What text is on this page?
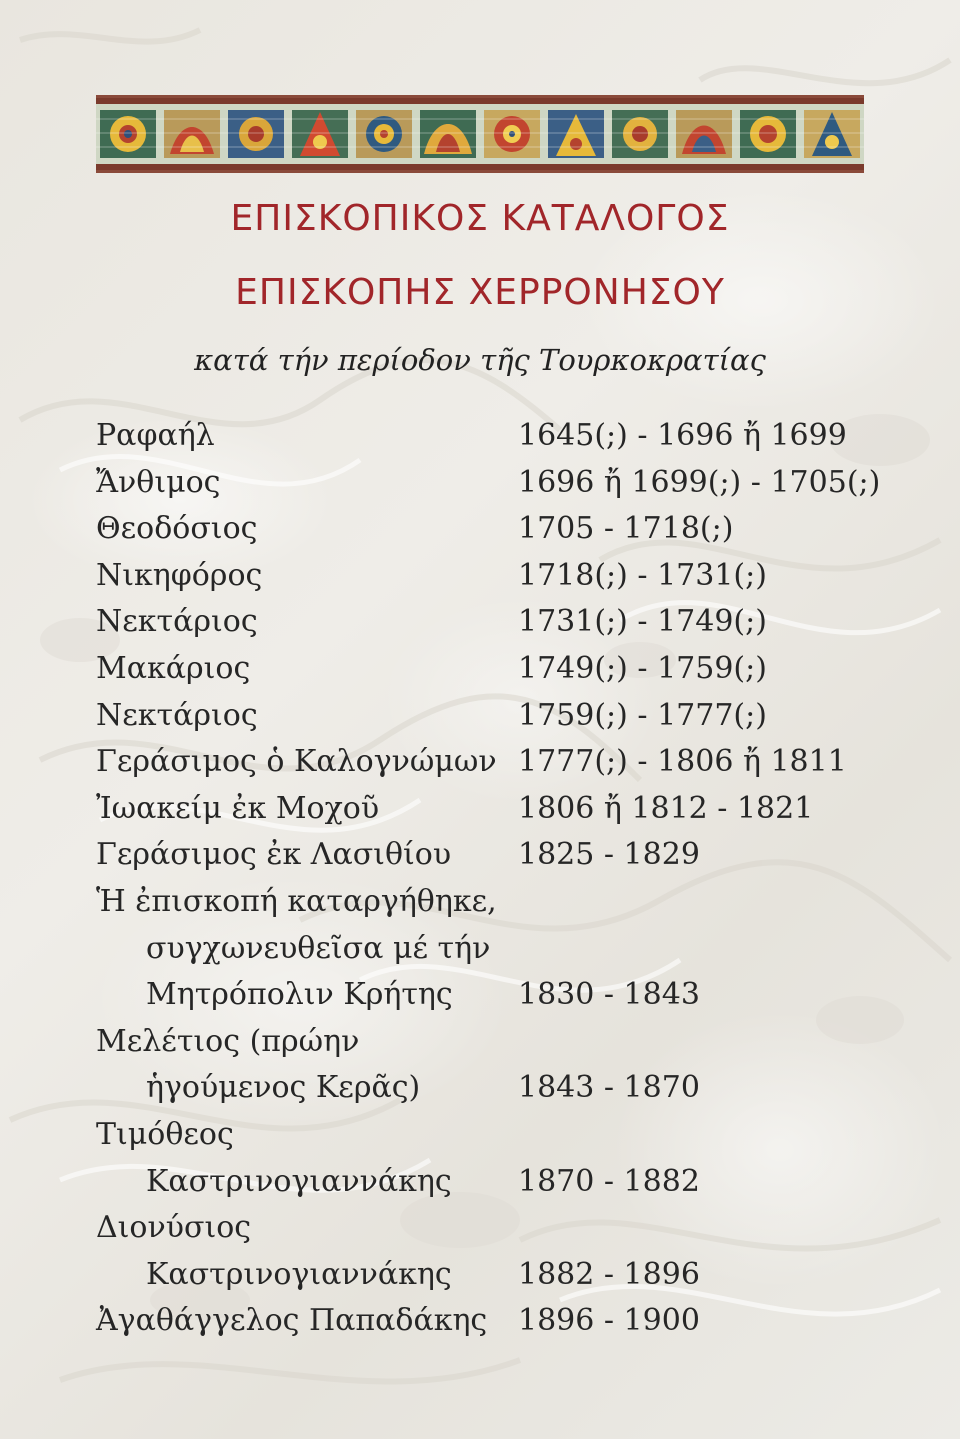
ΕΠΙΣΚΟΠΙΚΟΣ ΚΑΤΑΛΟΓΟΣ
ΕΠΙΣΚΟΠΗΣ ΧΕΡΡΟΝΗΣΟΥ
κατά τήν περίοδον τῆς Τουρκοκρατίας
Ραφαήλ	1645(;) - 1696 ἤ 1699
Ἄνθιμος	1696 ἤ 1699(;) - 1705(;)
Θεοδόσιος	1705 - 1718(;)
Νικηφόρος	1718(;) - 1731(;)
Νεκτάριος	1731(;) - 1749(;)
Μακάριος	1749(;) - 1759(;)
Νεκτάριος	1759(;) - 1777(;)
Γεράσιμος ὁ Καλογνώμων 1777(;) - 1806 ἤ 1811
Ἰωακείμ ἐκ Μοχοῦ	1806 ἤ 1812 - 1821
Γεράσιμος ἐκ Λασιθίου 1825 - 1829
Ἡ ἐπισκοπή καταργήθηκε,
συγχωνευθεῖσα μέ τήν
Μητρόπολιν Κρήτης 1830 - 1843
Μελέτιος (πρώην
ἡγούμενος Κερᾶς)	1843 - 1870
Τιμόθεος
Καστρινογιαννάκης 1870 - 1882
Διονύσιος
Καστρινογιαννάκης 1882 - 1896
Ἀγαθάγγελος Παπαδάκης 1896 - 1900
